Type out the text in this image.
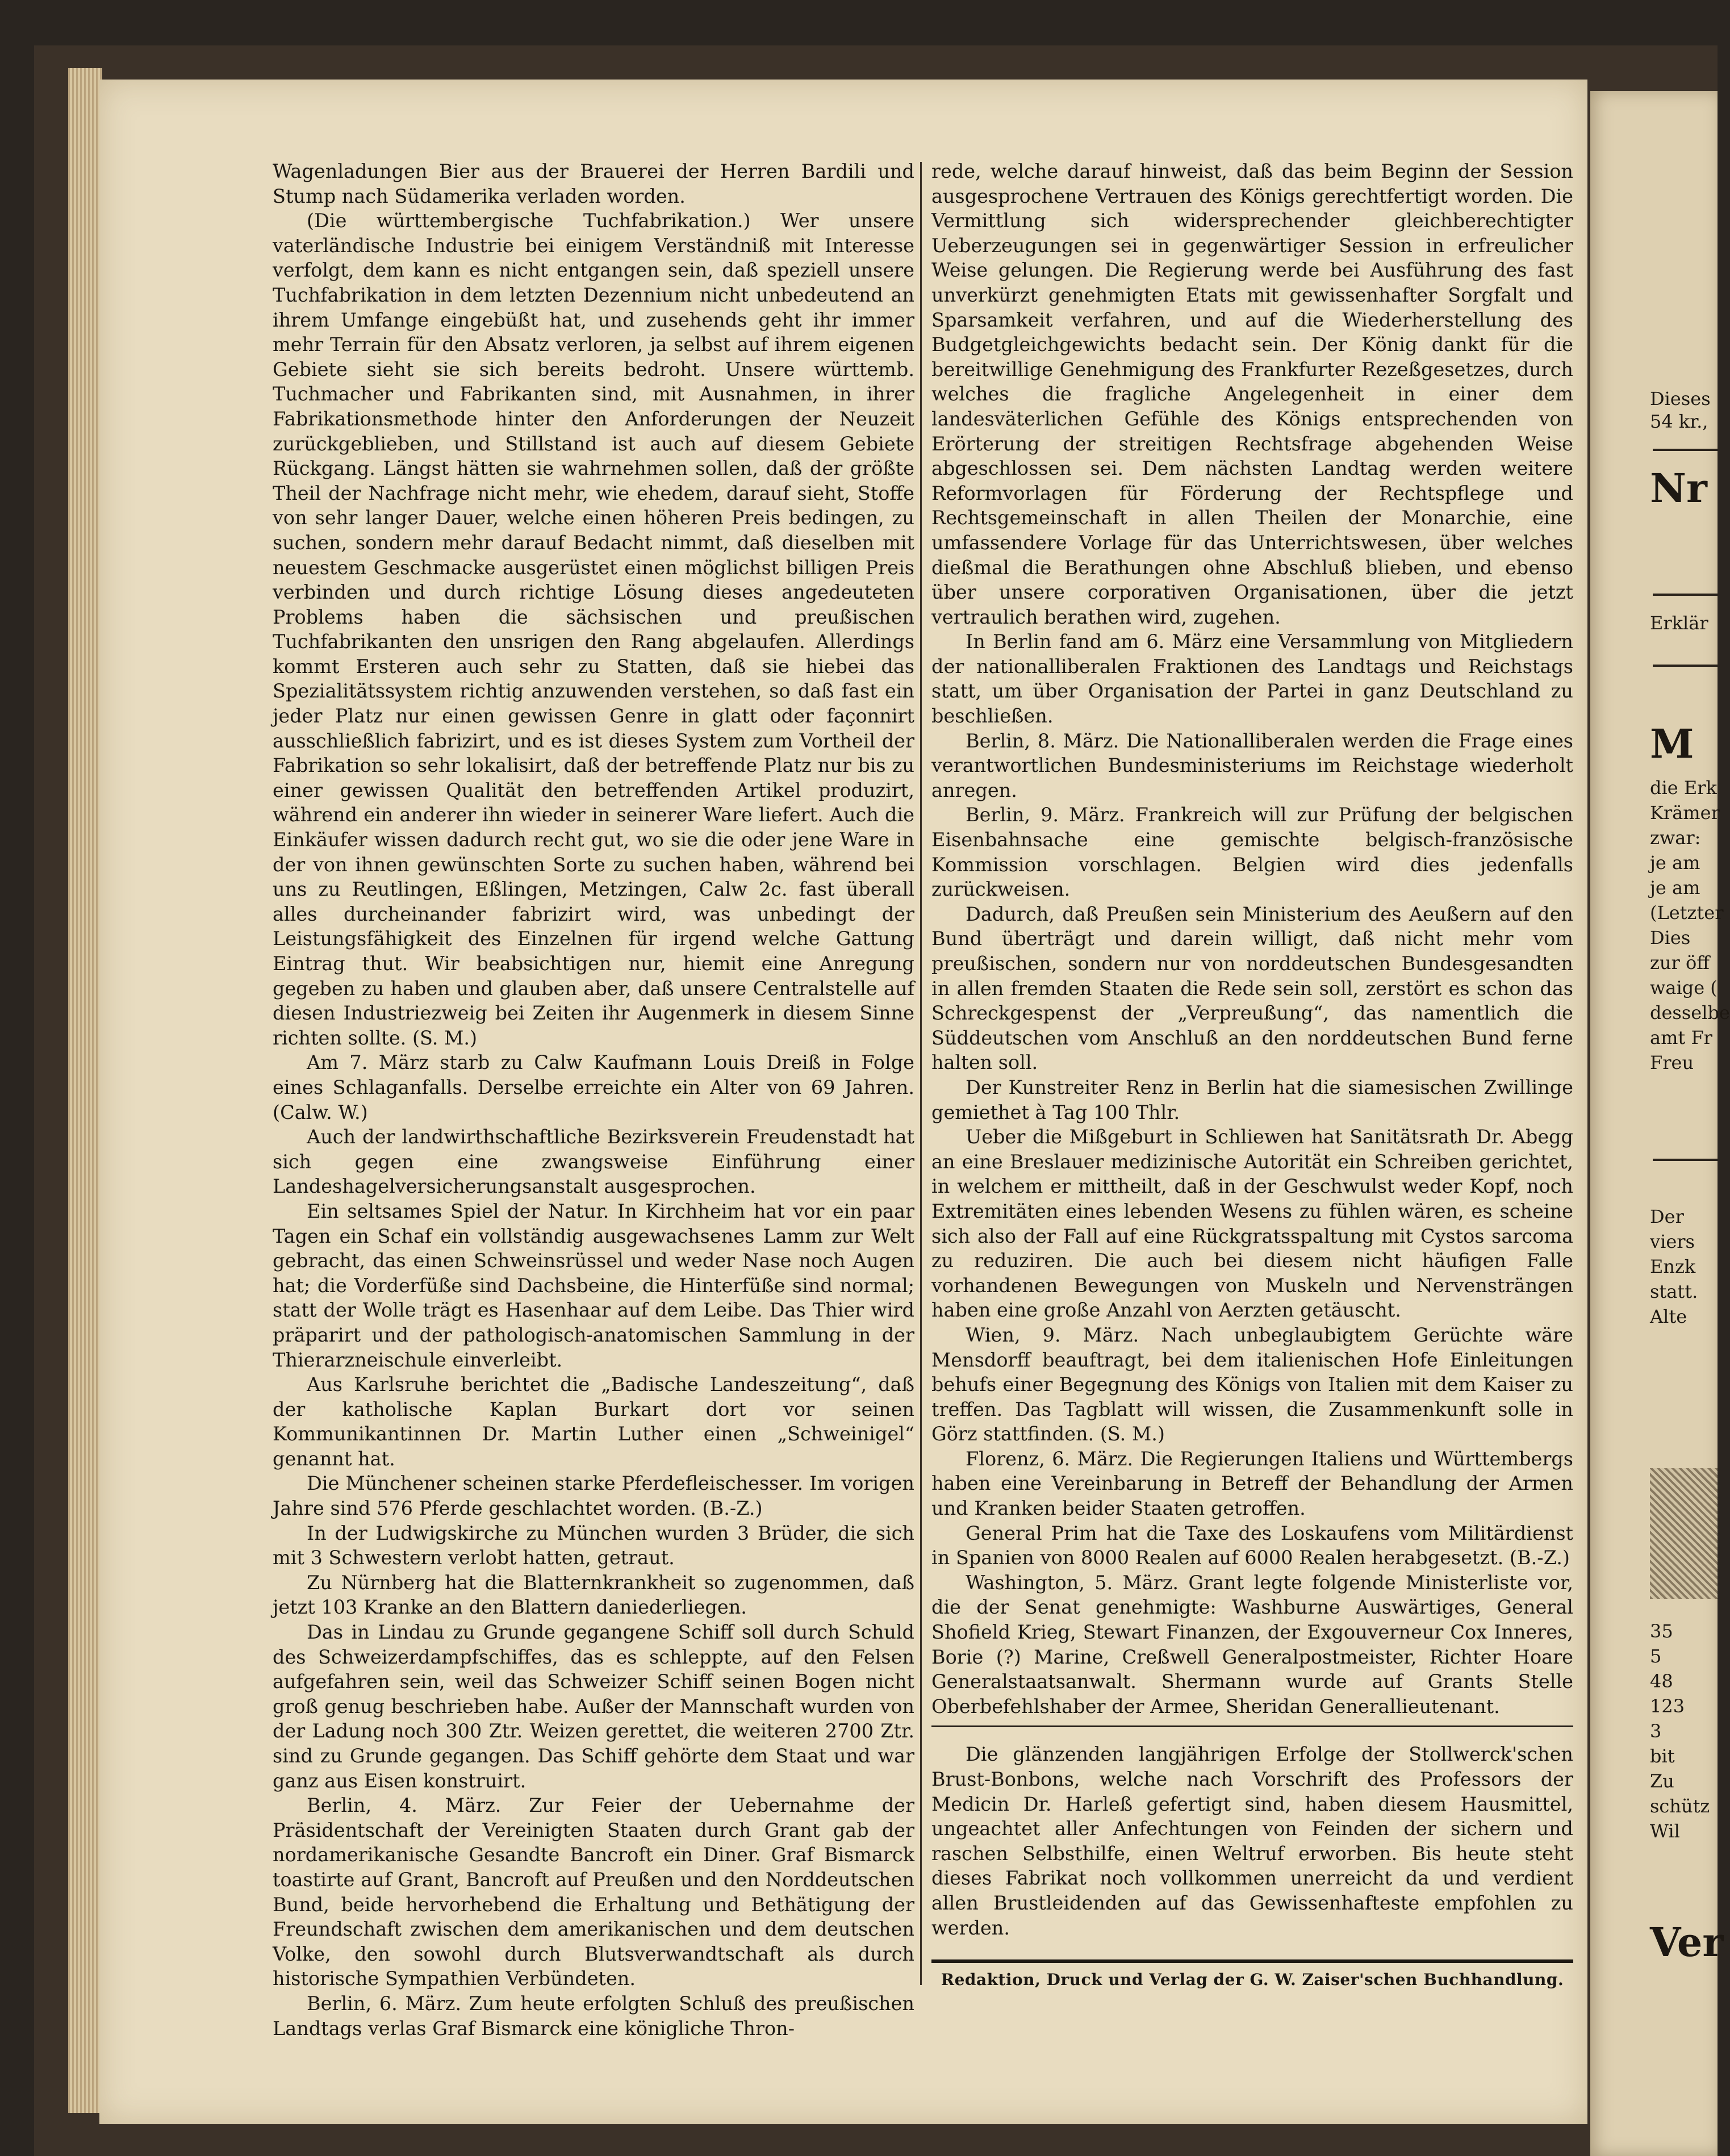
Wagenladungen Bier aus der Brauerei der Herren Bardili und Stump nach Südamerika verladen worden.

(Die württembergische Tuchfabrikation.) Wer unsere vaterländische Industrie bei einigem Verständniß mit Interesse verfolgt, dem kann es nicht entgangen sein, daß speziell unsere Tuchfabrikation in dem letzten Dezennium nicht unbedeutend an ihrem Umfange eingebüßt hat, und zusehends geht ihr immer mehr Terrain für den Absatz verloren, ja selbst auf ihrem eigenen Gebiete sieht sie sich bereits bedroht. Unsere württemb. Tuchmacher und Fabrikanten sind, mit Ausnahmen, in ihrer Fabrikationsmethode hinter den Anforderungen der Neuzeit zurückgeblieben, und Stillstand ist auch auf diesem Gebiete Rückgang. Längst hätten sie wahrnehmen sollen, daß der größte Theil der Nachfrage nicht mehr, wie ehedem, darauf sieht, Stoffe von sehr langer Dauer, welche einen höheren Preis bedingen, zu suchen, sondern mehr darauf Bedacht nimmt, daß dieselben mit neuestem Geschmacke ausgerüstet einen möglichst billigen Preis verbinden und durch richtige Lösung dieses angedeuteten Problems haben die sächsischen und preußischen Tuchfabrikanten den unsrigen den Rang abgelaufen. Allerdings kommt Ersteren auch sehr zu Statten, daß sie hiebei das Spezialitätssystem richtig anzuwenden verstehen, so daß fast ein jeder Platz nur einen gewissen Genre in glatt oder façonnirt ausschließlich fabrizirt, und es ist dieses System zum Vortheil der Fabrikation so sehr lokalisirt, daß der betreffende Platz nur bis zu einer gewissen Qualität den betreffenden Artikel produzirt, während ein anderer ihn wieder in seinerer Ware liefert. Auch die Einkäufer wissen dadurch recht gut, wo sie die oder jene Ware in der von ihnen gewünschten Sorte zu suchen haben, während bei uns zu Reutlingen, Eßlingen, Metzingen, Calw 2c. fast überall alles durcheinander fabrizirt wird, was unbedingt der Leistungsfähigkeit des Einzelnen für irgend welche Gattung Eintrag thut. Wir beabsichtigen nur, hiemit eine Anregung gegeben zu haben und glauben aber, daß unsere Centralstelle auf diesen Industriezweig bei Zeiten ihr Augenmerk in diesem Sinne richten sollte. (S. M.)

Am 7. März starb zu Calw Kaufmann Louis Dreiß in Folge eines Schlaganfalls. Derselbe erreichte ein Alter von 69 Jahren. (Calw. W.)

Auch der landwirthschaftliche Bezirksverein Freudenstadt hat sich gegen eine zwangsweise Einführung einer Landeshagelversicherungsanstalt ausgesprochen.

Ein seltsames Spiel der Natur. In Kirchheim hat vor ein paar Tagen ein Schaf ein vollständig ausgewachsenes Lamm zur Welt gebracht, das einen Schweinsrüssel und weder Nase noch Augen hat; die Vorderfüße sind Dachsbeine, die Hinterfüße sind normal; statt der Wolle trägt es Hasenhaar auf dem Leibe. Das Thier wird präparirt und der pathologisch-anatomischen Sammlung in der Thierarzneischule einverleibt.

Aus Karlsruhe berichtet die „Badische Landeszeitung“, daß der katholische Kaplan Burkart dort vor seinen Kommunikantinnen Dr. Martin Luther einen „Schweinigel“ genannt hat.

Die Münchener scheinen starke Pferdefleischesser. Im vorigen Jahre sind 576 Pferde geschlachtet worden. (B.-Z.)

In der Ludwigskirche zu München wurden 3 Brüder, die sich mit 3 Schwestern verlobt hatten, getraut.

Zu Nürnberg hat die Blatternkrankheit so zugenommen, daß jetzt 103 Kranke an den Blattern daniederliegen.

Das in Lindau zu Grunde gegangene Schiff soll durch Schuld des Schweizerdampfschiffes, das es schleppte, auf den Felsen aufgefahren sein, weil das Schweizer Schiff seinen Bogen nicht groß genug beschrieben habe. Außer der Mannschaft wurden von der Ladung noch 300 Ztr. Weizen gerettet, die weiteren 2700 Ztr. sind zu Grunde gegangen. Das Schiff gehörte dem Staat und war ganz aus Eisen konstruirt.

Berlin, 4. März. Zur Feier der Uebernahme der Präsidentschaft der Vereinigten Staaten durch Grant gab der nordamerikanische Gesandte Bancroft ein Diner. Graf Bismarck toastirte auf Grant, Bancroft auf Preußen und den Norddeutschen Bund, beide hervorhebend die Erhaltung und Bethätigung der Freundschaft zwischen dem amerikanischen und dem deutschen Volke, den sowohl durch Blutsverwandtschaft als durch historische Sympathien Verbündeten.

Berlin, 6. März. Zum heute erfolgten Schluß des preußischen Landtags verlas Graf Bismarck eine königliche Thron-

rede, welche darauf hinweist, daß das beim Beginn der Session ausgesprochene Vertrauen des Königs gerechtfertigt worden. Die Vermittlung sich widersprechender gleichberechtigter Ueberzeugungen sei in gegenwärtiger Session in erfreulicher Weise gelungen. Die Regierung werde bei Ausführung des fast unverkürzt genehmigten Etats mit gewissenhafter Sorgfalt und Sparsamkeit verfahren, und auf die Wiederherstellung des Budgetgleichgewichts bedacht sein. Der König dankt für die bereitwillige Genehmigung des Frankfurter Rezeßgesetzes, durch welches die fragliche Angelegenheit in einer dem landesväterlichen Gefühle des Königs entsprechenden von Erörterung der streitigen Rechtsfrage abgehenden Weise abgeschlossen sei. Dem nächsten Landtag werden weitere Reformvorlagen für Förderung der Rechtspflege und Rechtsgemeinschaft in allen Theilen der Monarchie, eine umfassendere Vorlage für das Unterrichtswesen, über welches dießmal die Berathungen ohne Abschluß blieben, und ebenso über unsere corporativen Organisationen, über die jetzt vertraulich berathen wird, zugehen.

In Berlin fand am 6. März eine Versammlung von Mitgliedern der nationalliberalen Fraktionen des Landtags und Reichstags statt, um über Organisation der Partei in ganz Deutschland zu beschließen.

Berlin, 8. März. Die Nationalliberalen werden die Frage eines verantwortlichen Bundesministeriums im Reichstage wiederholt anregen.

Berlin, 9. März. Frankreich will zur Prüfung der belgischen Eisenbahnsache eine gemischte belgisch-französische Kommission vorschlagen. Belgien wird dies jedenfalls zurückweisen.

Dadurch, daß Preußen sein Ministerium des Aeußern auf den Bund überträgt und darein willigt, daß nicht mehr vom preußischen, sondern nur von norddeutschen Bundesgesandten in allen fremden Staaten die Rede sein soll, zerstört es schon das Schreckgespenst der „Verpreußung“, das namentlich die Süddeutschen vom Anschluß an den norddeutschen Bund ferne halten soll.

Der Kunstreiter Renz in Berlin hat die siamesischen Zwillinge gemiethet à Tag 100 Thlr.

Ueber die Mißgeburt in Schliewen hat Sanitätsrath Dr. Abegg an eine Breslauer medizinische Autorität ein Schreiben gerichtet, in welchem er mittheilt, daß in der Geschwulst weder Kopf, noch Extremitäten eines lebenden Wesens zu fühlen wären, es scheine sich also der Fall auf eine Rückgratsspaltung mit Cystos sarcoma zu reduziren. Die auch bei diesem nicht häufigen Falle vorhandenen Bewegungen von Muskeln und Nervensträngen haben eine große Anzahl von Aerzten getäuscht.

Wien, 9. März. Nach unbeglaubigtem Gerüchte wäre Mensdorff beauftragt, bei dem italienischen Hofe Einleitungen behufs einer Begegnung des Königs von Italien mit dem Kaiser zu treffen. Das Tagblatt will wissen, die Zusammenkunft solle in Görz stattfinden. (S. M.)

Florenz, 6. März. Die Regierungen Italiens und Württembergs haben eine Vereinbarung in Betreff der Behandlung der Armen und Kranken beider Staaten getroffen.

General Prim hat die Taxe des Loskaufens vom Militärdienst in Spanien von 8000 Realen auf 6000 Realen herabgesetzt. (B.-Z.)

Washington, 5. März. Grant legte folgende Ministerliste vor, die der Senat genehmigte: Washburne Auswärtiges, General Shofield Krieg, Stewart Finanzen, der Exgouverneur Cox Inneres, Borie (?) Marine, Creßwell Generalpostmeister, Richter Hoare Generalstaatsanwalt. Shermann wurde auf Grants Stelle Oberbefehlshaber der Armee, Sheridan Generallieutenant.

Die glänzenden langjährigen Erfolge der Stollwerck'schen Brust-Bonbons, welche nach Vorschrift des Professors der Medicin Dr. Harleß gefertigt sind, haben diesem Hausmittel, ungeachtet aller Anfechtungen von Feinden der sichern und raschen Selbsthilfe, einen Weltruf erworben. Bis heute steht dieses Fabrikat noch vollkommen unerreicht da und verdient allen Brustleidenden auf das Gewissenhafteste empfohlen zu werden.

Redaktion, Druck und Verlag der G. W. Zaiser'schen Buchhandlung.
Dieses
54 kr.,
Nr
Erklär
M
die Erk
Krämer
zwar:
je am
je am
(Letzter
Dies
zur öff
waige (
desselbe
amt Fr
Freu
Der
viers
Enzk
statt.
Alte
35
5
48
123
3
bit
Zu
schütz
Wil
Ver
